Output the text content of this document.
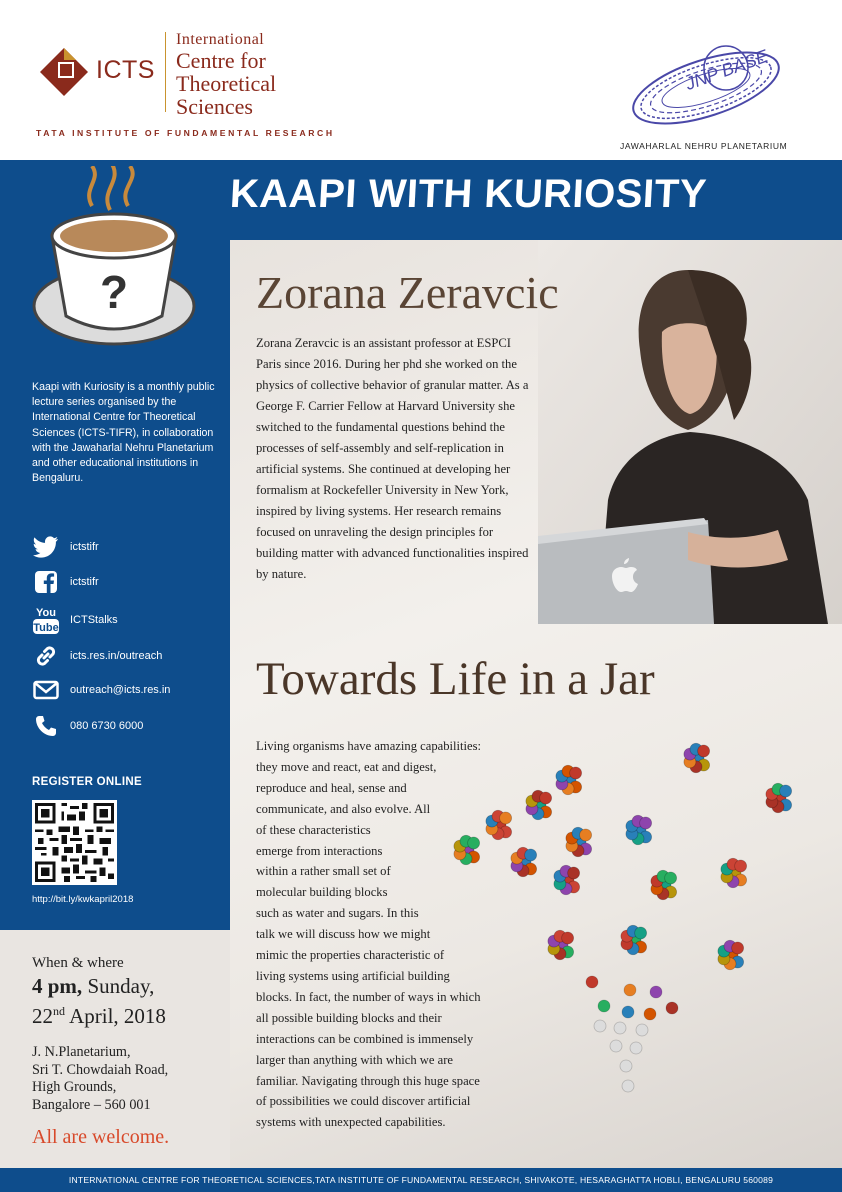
ICTS
International
Centre for
Theoretical
Sciences
TATA INSTITUTE OF FUNDAMENTAL RESEARCH
JNP BASE
JAWAHARLAL NEHRU PLANETARIUM
?
KAAPI WITH KURIOSITY
Kaapi with Kuriosity is a monthly public lecture series organised by the International Centre for Theoretical Sciences (ICTS-TIFR), in collaboration with the Jawaharlal Nehru Planetarium and other educational institutions in Bengaluru.
ictstifr
ictstifr
You
Tube
ICTStalks
icts.res.in/outreach
outreach@icts.res.in
080 6730 6000
REGISTER ONLINE
http://bit.ly/kwkapril2018
Zorana Zeravcic
Zorana Zeravcic is an assistant professor at ESPCI Paris since 2016. During her phd she worked on the physics of collective behavior of granular matter. As a George F. Carrier Fellow at Harvard University she switched to the fundamental questions behind the processes of self-assembly and self-replication in artificial systems. She continued at developing her formalism at Rockefeller University in New York, inspired by living systems. Her research remains focused on unraveling the design principles for building matter with advanced functionalities inspired by nature.
Towards Life in a Jar
Living organisms have amazing capabilities:
they move and react, eat and digest,
reproduce and heal, sense and
communicate, and also evolve. All
of these characteristics
emerge from interactions
within a rather small set of
molecular building blocks
such as water and sugars. In this
talk we will discuss how we might
mimic the properties characteristic of
living systems using artificial building
blocks. In fact, the number of ways in which
all possible building blocks and their
interactions can be combined is immensely
larger than anything with which we are
familiar. Navigating through this huge space
of possibilities we could discover artificial
systems with unexpected capabilities.
When & where
4 pm, Sunday,
22nd April, 2018
J. N.Planetarium,
Sri T. Chowdaiah Road,
High Grounds,
Bangalore – 560 001
All are welcome.
INTERNATIONAL CENTRE FOR THEORETICAL SCIENCES,TATA INSTITUTE OF FUNDAMENTAL RESEARCH, SHIVAKOTE, HESARAGHATTA HOBLI, BENGALURU 560089
